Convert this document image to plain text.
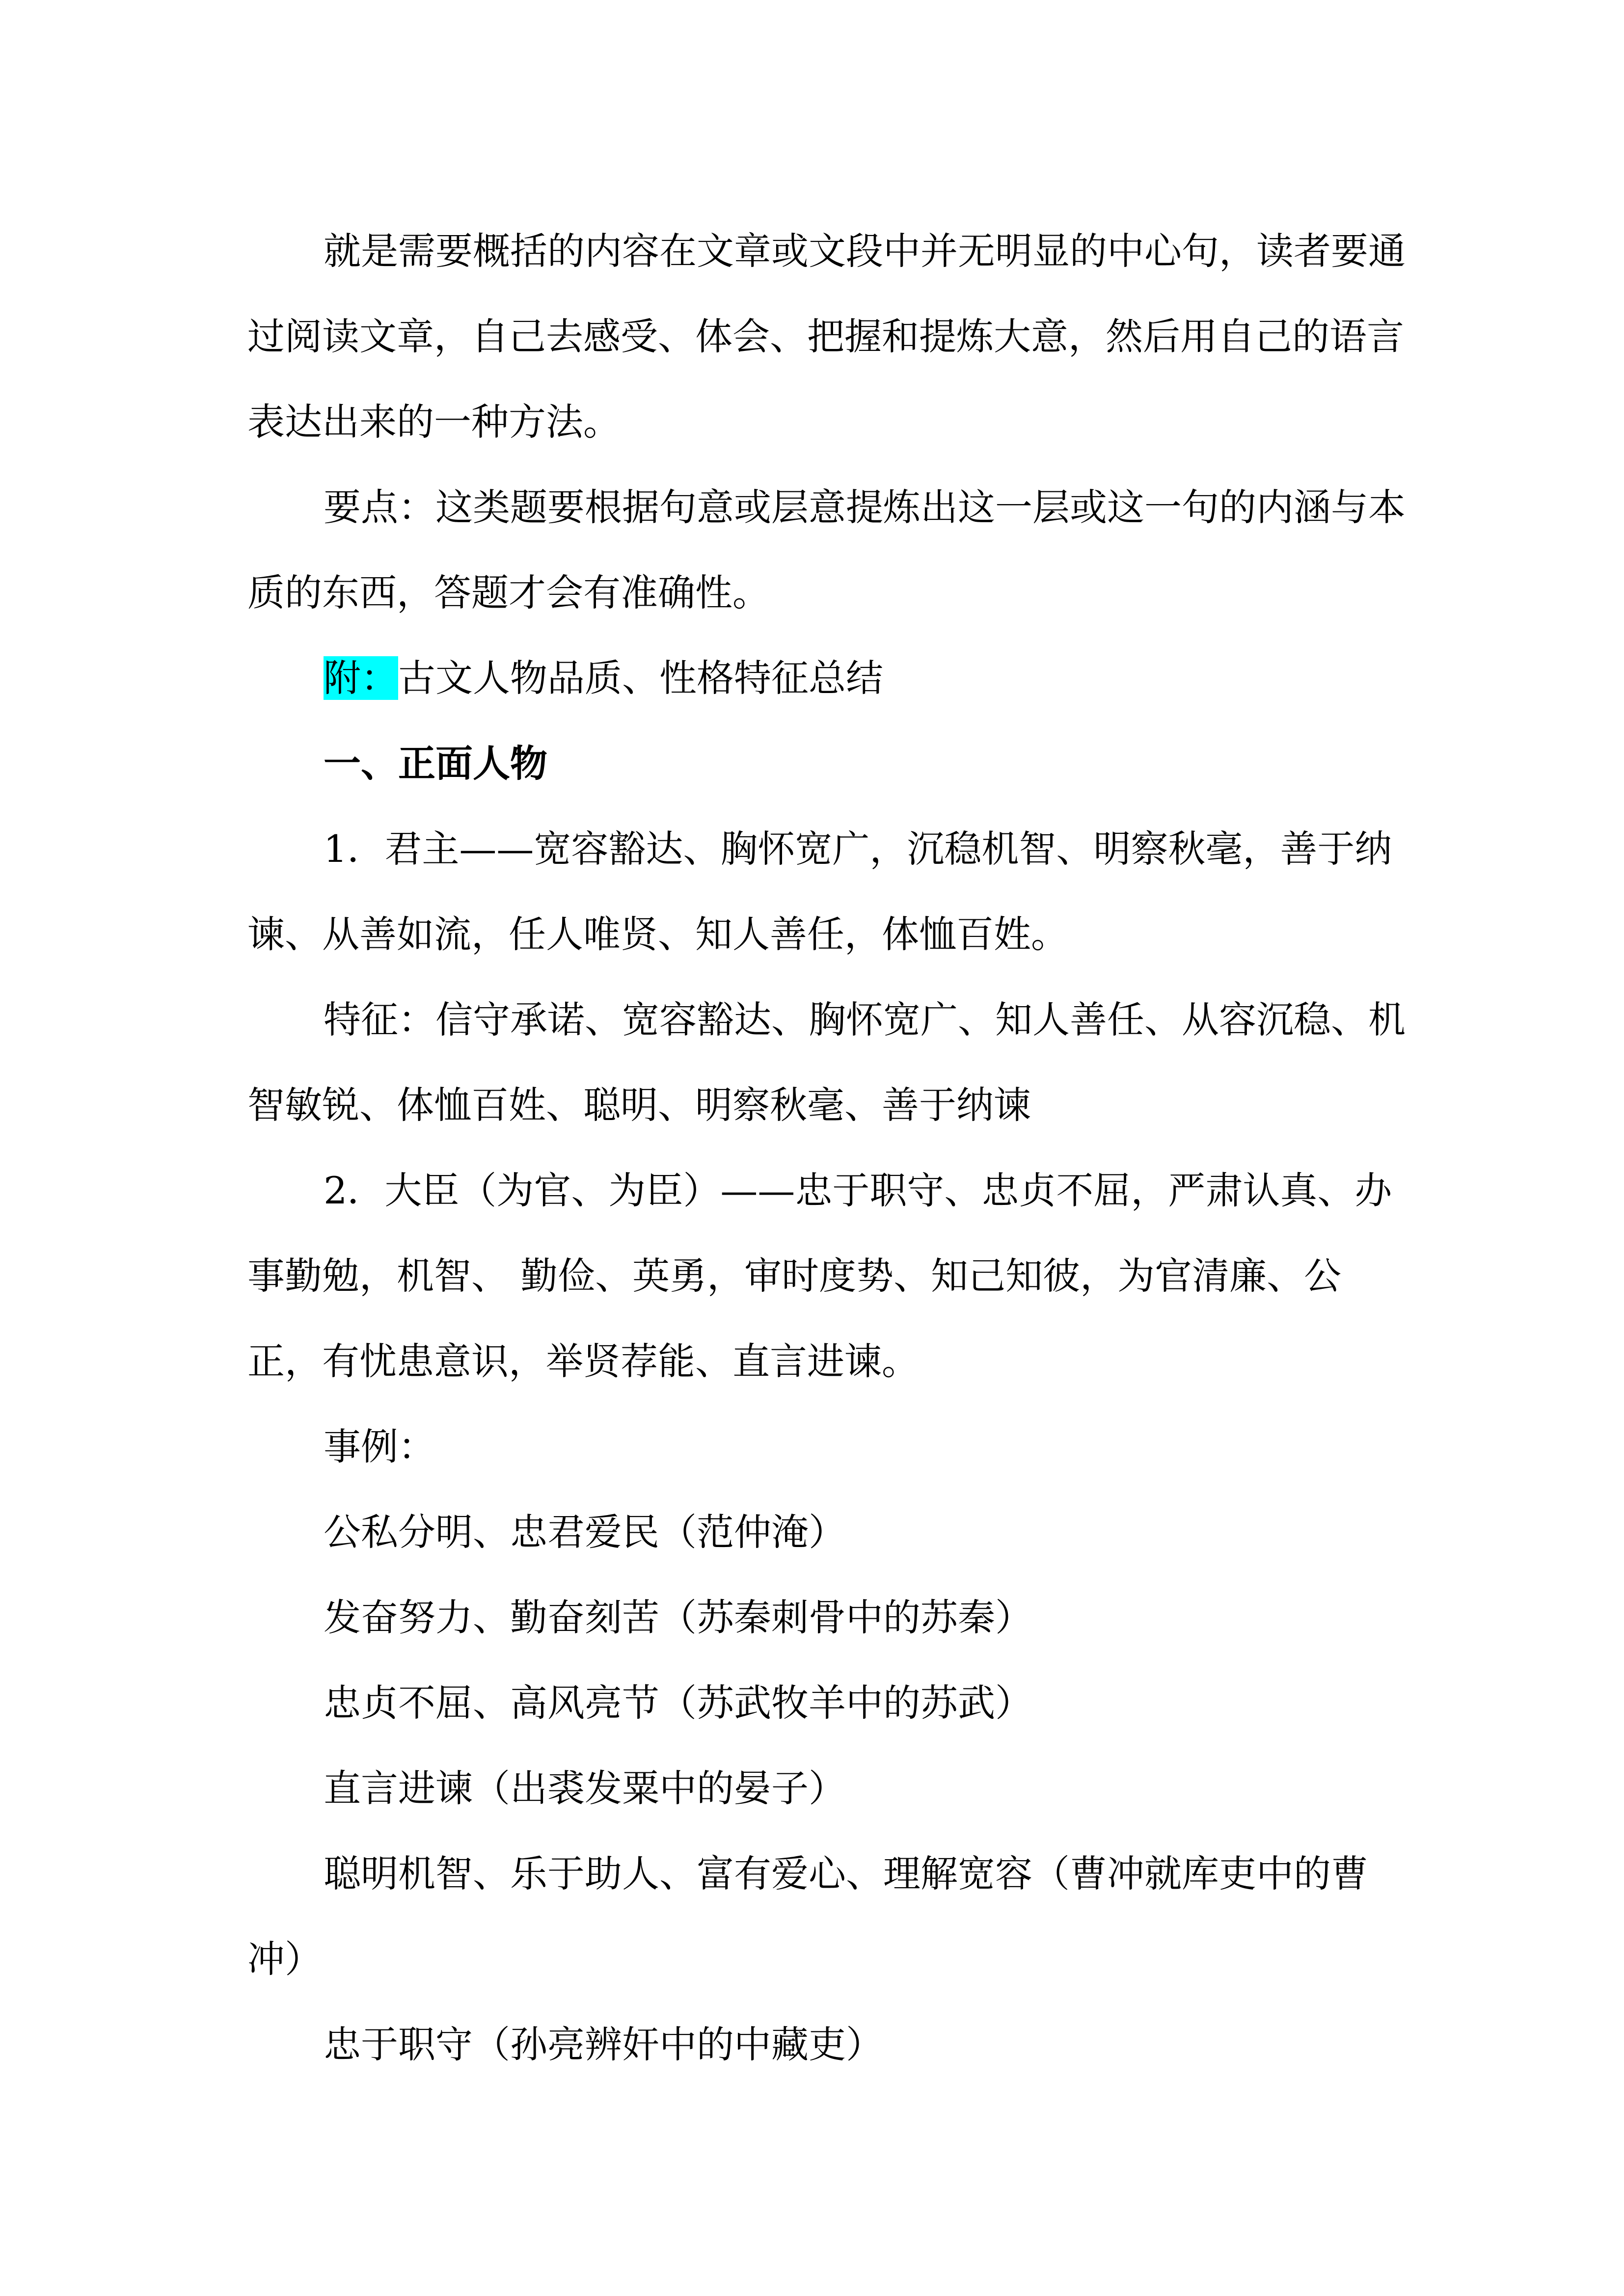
就是需要概括的内容在文章或文段中并无明显的中心句，读者要通过阅读文章，自己去感受、体会、把握和提炼大意，然后用自己的语言表达出来的一种方法。

要点：这类题要根据句意或层意提炼出这一层或这一句的内涵与本质的东西，答题才会有准确性。

附：古文人物品质、性格特征总结

一、正面人物

1．君主——宽容豁达、胸怀宽广，沉稳机智、明察秋毫，善于纳谏、从善如流，任人唯贤、知人善任，体恤百姓。

特征：信守承诺、宽容豁达、胸怀宽广、知人善任、从容沉稳、机智敏锐、体恤百姓、聪明、明察秋毫、善于纳谏

2．大臣（为官、为臣）——忠于职守、忠贞不屈，严肃认真、办事勤勉，机智、 勤俭、英勇，审时度势、知己知彼，为官清廉、公正，有忧患意识，举贤荐能、直言进谏。

事例：

公私分明、忠君爱民（范仲淹）

发奋努力、勤奋刻苦（苏秦刺骨中的苏秦）

忠贞不屈、高风亮节（苏武牧羊中的苏武）

直言进谏（出裘发粟中的晏子）

聪明机智、乐于助人、富有爱心、理解宽容（曹冲就库吏中的曹冲）

忠于职守（孙亮辨奸中的中藏吏）
